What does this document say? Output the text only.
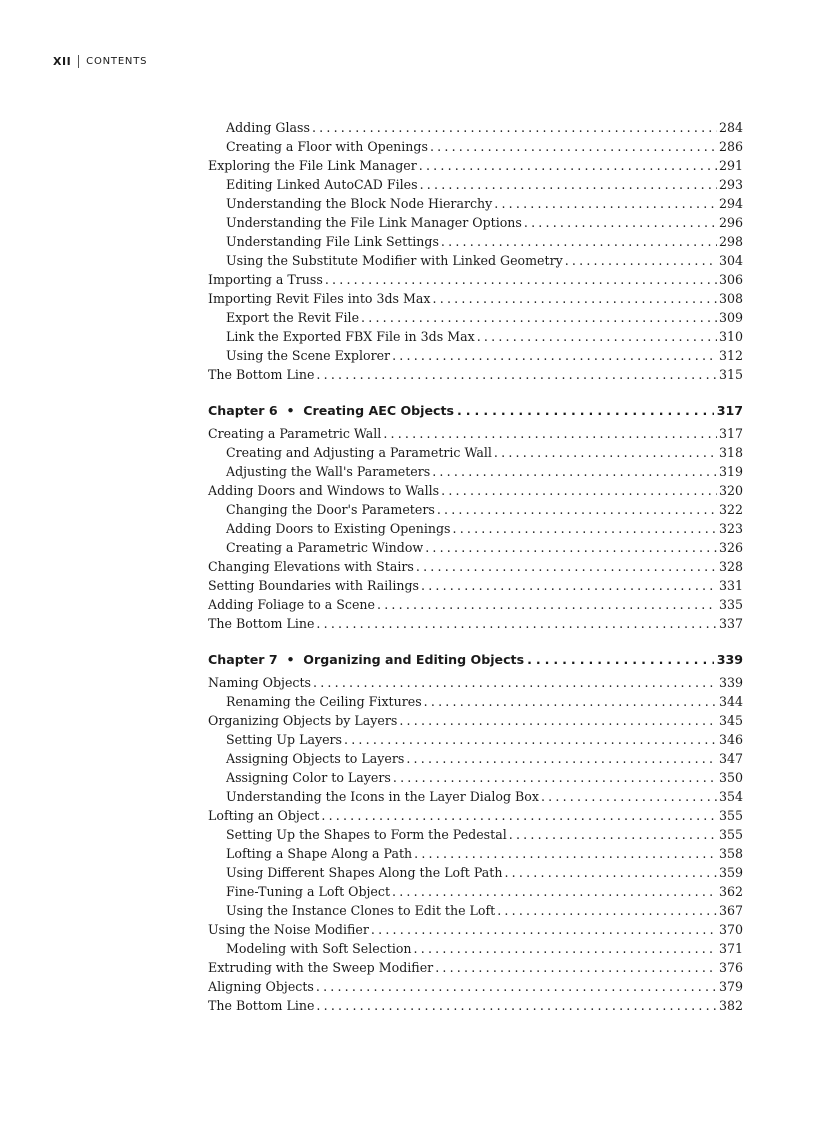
XII	CONTENTS
Adding Glass . . .	284
Creating a Floor with Openings . . .	286
Exploring the File Link Manager . . .	291
Editing Linked AutoCAD Files . . .	293
Understanding the Block Node Hierarchy . . .	294
Understanding the File Link Manager Options . . .	296
Understanding File Link Settings . . .	298
Using the Substitute Modifier with Linked Geometry . . .	304
Importing a Truss . . .	306
Importing Revit Files into 3ds Max . . .	308
Export the Revit File . . .	309
Link the Exported FBX File in 3ds Max . . .	310
Using the Scene Explorer . . .	312
The Bottom Line . . .	315
Chapter 6 • Creating AEC Objects . . .	317
Creating a Parametric Wall . . .	317
Creating and Adjusting a Parametric Wall . . .	318
Adjusting the Wall's Parameters . . .	319
Adding Doors and Windows to Walls . . .	320
Changing the Door's Parameters . . .	322
Adding Doors to Existing Openings . . .	323
Creating a Parametric Window . . .	326
Changing Elevations with Stairs . . .	328
Setting Boundaries with Railings . . .	331
Adding Foliage to a Scene . . .	335
The Bottom Line . . .	337
Chapter 7 • Organizing and Editing Objects . . .	339
Naming Objects . . .	339
Renaming the Ceiling Fixtures . . .	344
Organizing Objects by Layers . . .	345
Setting Up Layers . . .	346
Assigning Objects to Layers . . .	347
Assigning Color to Layers . . .	350
Understanding the Icons in the Layer Dialog Box . . .	354
Lofting an Object . . .	355
Setting Up the Shapes to Form the Pedestal . . .	355
Lofting a Shape Along a Path . . .	358
Using Different Shapes Along the Loft Path . . .	359
Fine-Tuning a Loft Object . . .	362
Using the Instance Clones to Edit the Loft . . .	367
Using the Noise Modifier . . .	370
Modeling with Soft Selection . . .	371
Extruding with the Sweep Modifier . . .	376
Aligning Objects . . .	379
The Bottom Line . . .	382
